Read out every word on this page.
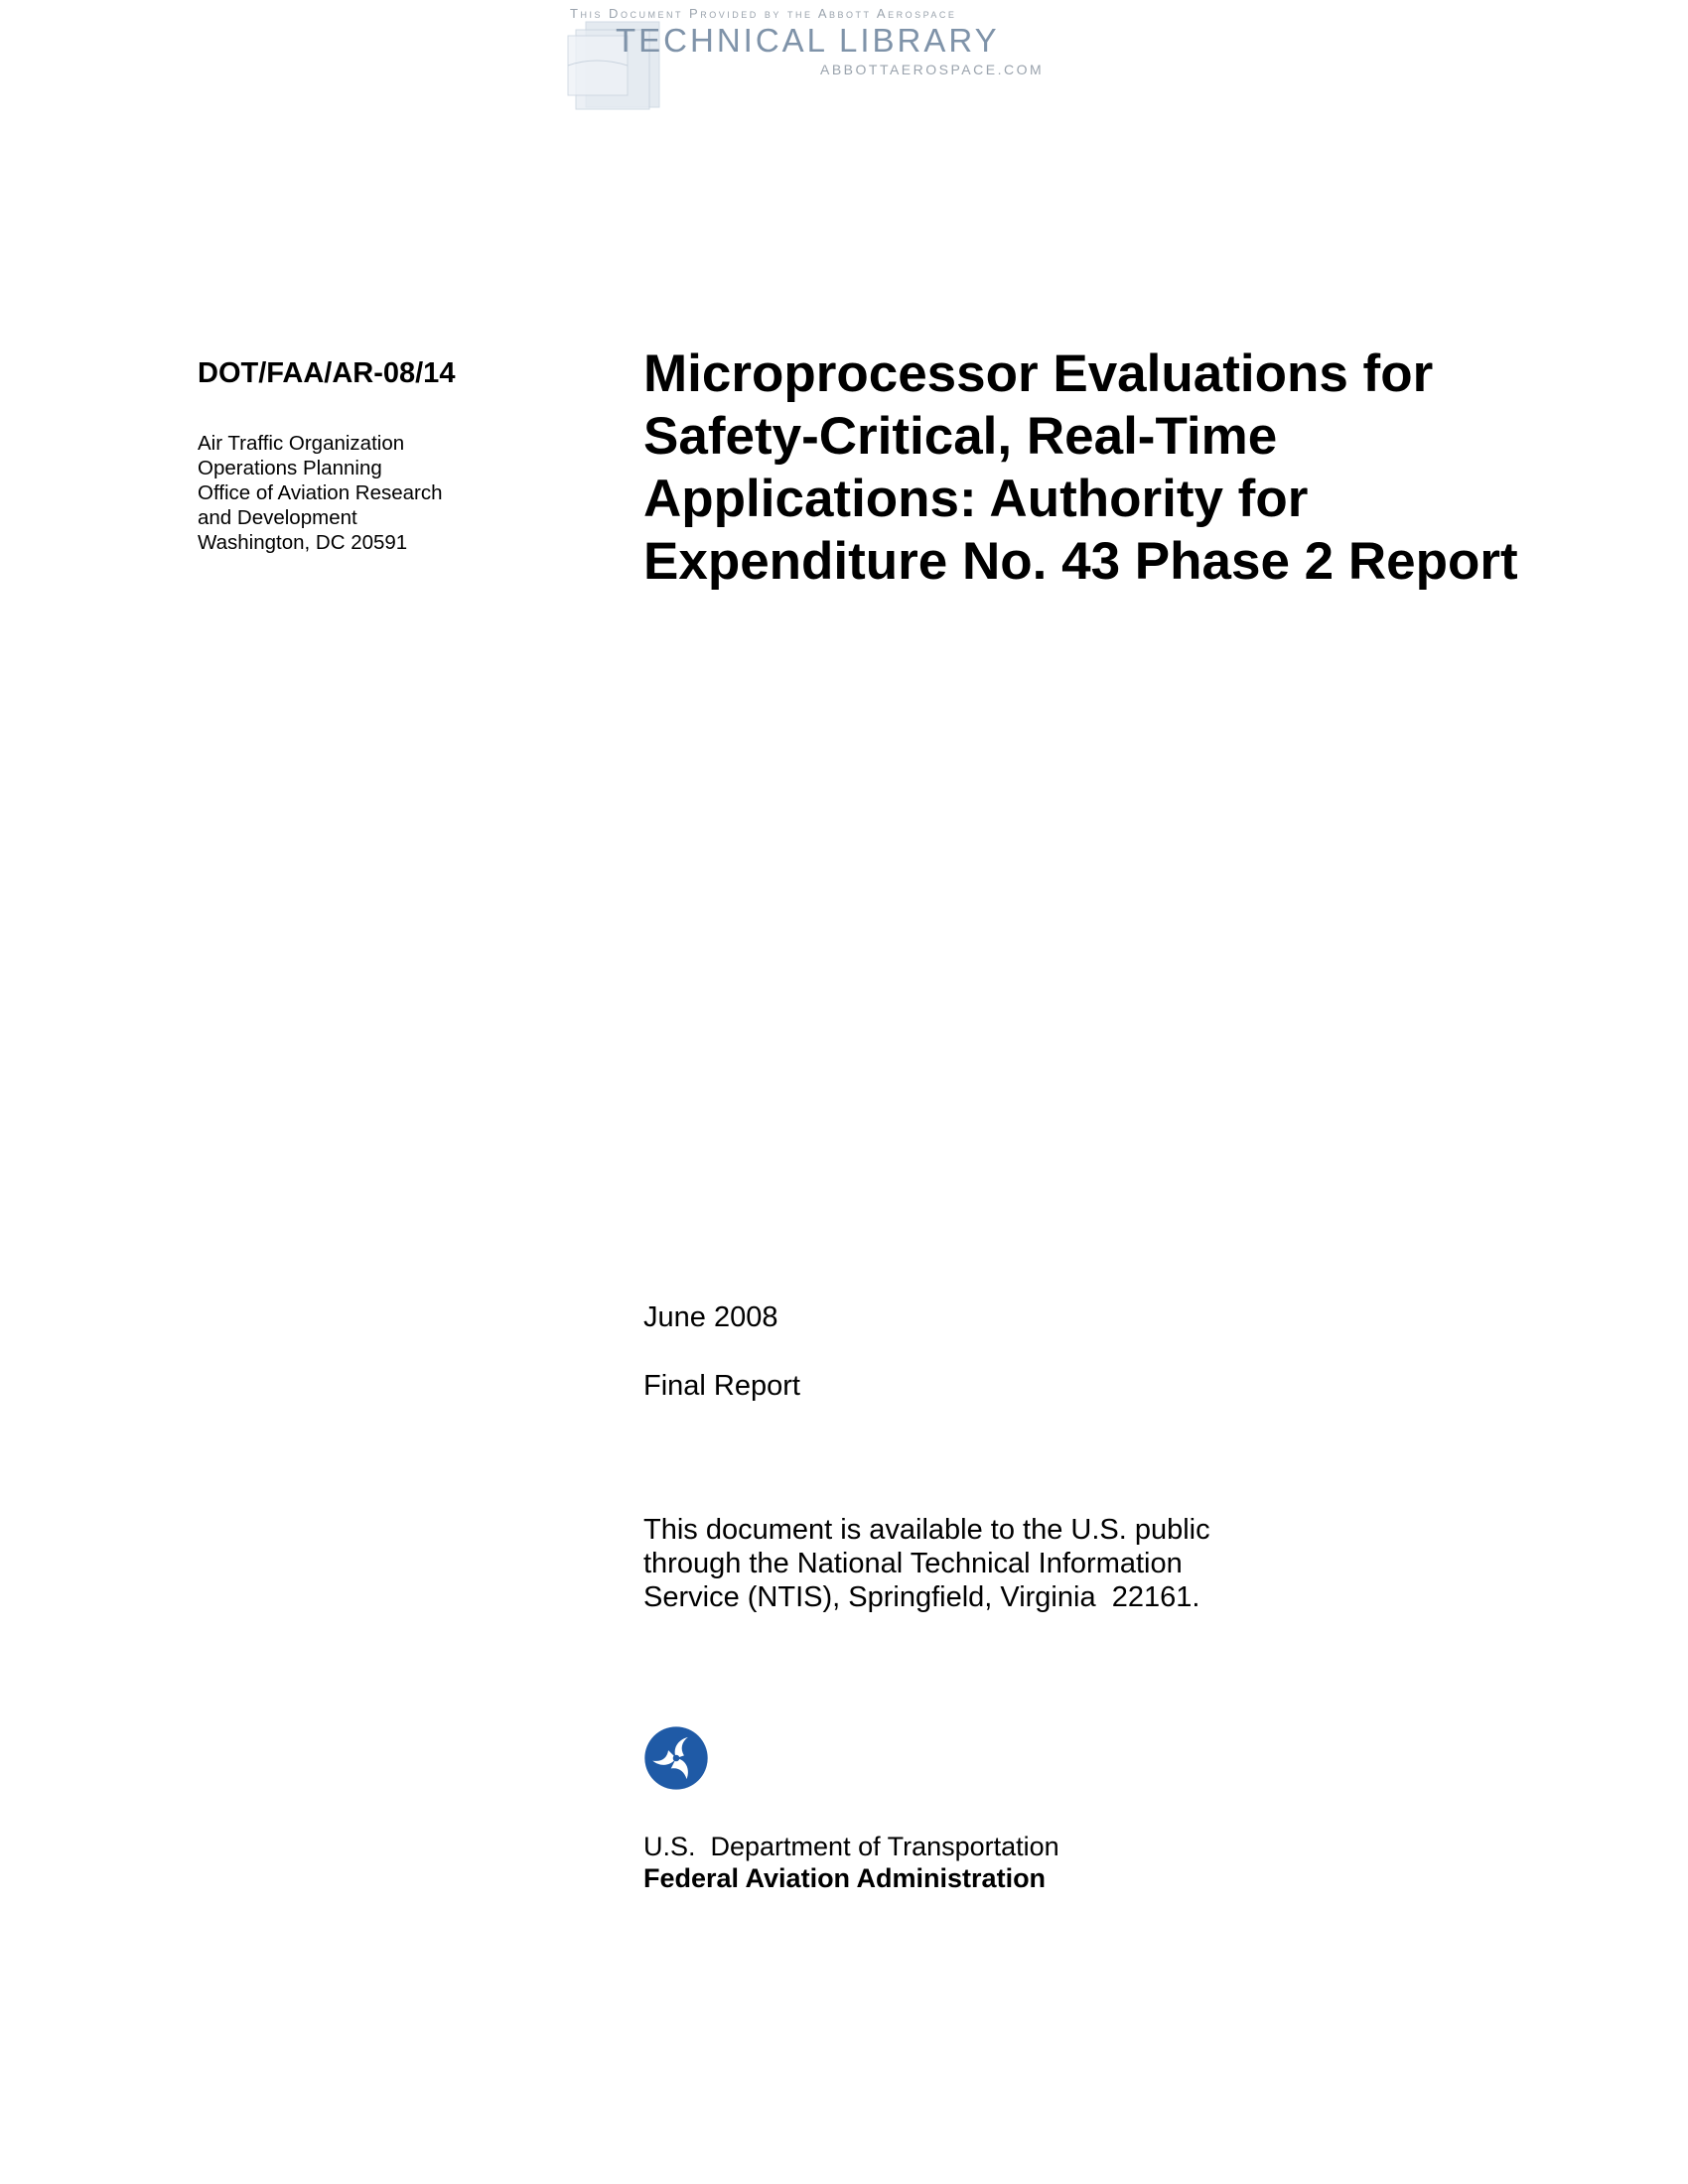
This Document Provided by the Abbott Aerospace
TECHNICAL LIBRARY
ABBOTTAEROSPACE.COM
DOT/FAA/AR-08/14
Air Traffic Organization
Operations Planning
Office of Aviation Research
and Development
Washington, DC 20591
Microprocessor Evaluations for
Safety-Critical, Real-Time
Applications: Authority for
Expenditure No. 43 Phase 2 Report
June 2008
Final Report
This document is available to the U.S. public
through the National Technical Information
Service (NTIS), Springfield, Virginia  22161.
U.S.  Department of Transportation
Federal Aviation Administration
